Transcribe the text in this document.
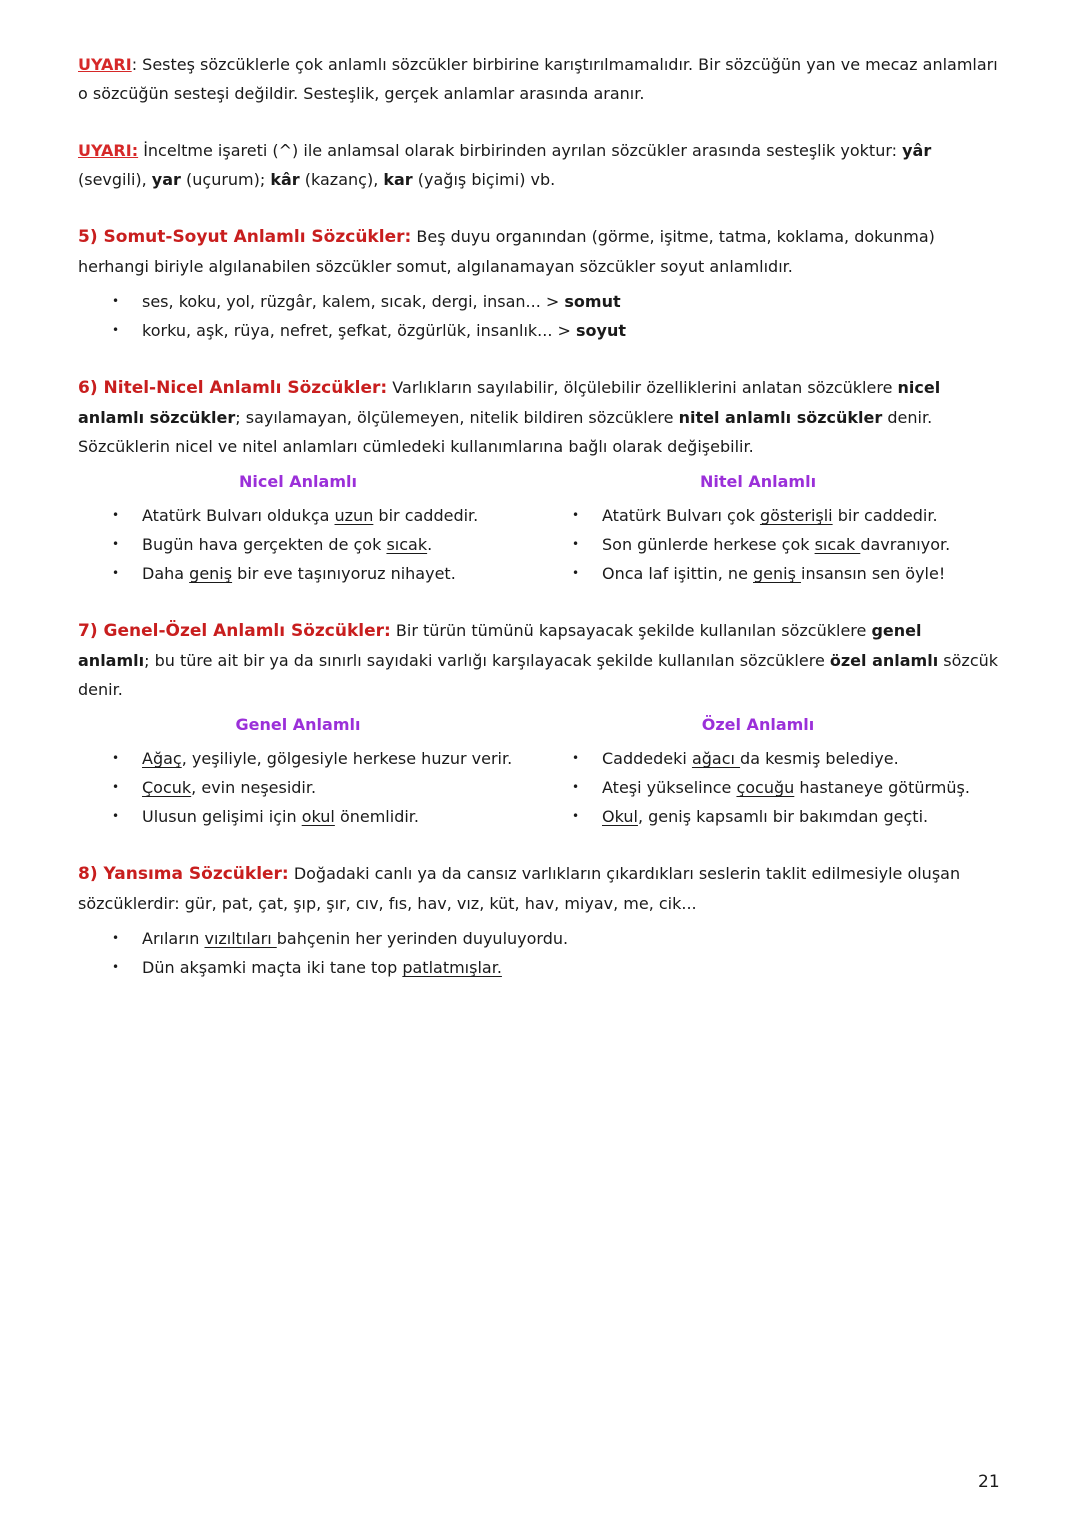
UYARI: Sesteş sözcüklerle çok anlamlı sözcükler birbirine karıştırılmamalıdır. Bir sözcüğün yan ve mecaz anlamları o sözcüğün sesteşi değildir. Sesteşlik, gerçek anlamlar arasında aranır.

UYARI: İnceltme işareti (^) ile anlamsal olarak birbirinden ayrılan sözcükler arasında sesteşlik yoktur: yâr (sevgili), yar (uçurum); kâr (kazanç), kar (yağış biçimi) vb.

5) Somut-Soyut Anlamlı Sözcükler: Beş duyu organından (görme, işitme, tatma, koklama, dokunma) herhangi biriyle algılanabilen sözcükler somut, algılanamayan sözcükler soyut anlamlıdır.

• ses, koku, yol, rüzgâr, kalem, sıcak, dergi, insan... > somut
• korku, aşk, rüya, nefret, şefkat, özgürlük, insanlık... > soyut

6) Nitel-Nicel Anlamlı Sözcükler: Varlıkların sayılabilir, ölçülebilir özelliklerini anlatan sözcüklere nicel anlamlı sözcükler; sayılamayan, ölçülemeyen, nitelik bildiren sözcüklere nitel anlamlı sözcükler denir. Sözcüklerin nicel ve nitel anlamları cümledeki kullanımlarına bağlı olarak değişebilir.

Nicel Anlamlı
• Atatürk Bulvarı oldukça uzun bir caddedir.
• Bugün hava gerçekten de çok sıcak.
• Daha geniş bir eve taşınıyoruz nihayet.
Nitel Anlamlı
• Atatürk Bulvarı çok gösterişli bir caddedir.
• Son günlerde herkese çok sıcak davranıyor.
• Onca laf işittin, ne geniş insansın sen öyle!

7) Genel-Özel Anlamlı Sözcükler: Bir türün tümünü kapsayacak şekilde kullanılan sözcüklere genel anlamlı; bu türe ait bir ya da sınırlı sayıdaki varlığı karşılayacak şekilde kullanılan sözcüklere özel anlamlı sözcük denir.

Genel Anlamlı
• Ağaç, yeşiliyle, gölgesiyle herkese huzur verir.
• Çocuk, evin neşesidir.
• Ulusun gelişimi için okul önemlidir.
Özel Anlamlı
• Caddedeki ağacı da kesmiş belediye.
• Ateşi yükselince çocuğu hastaneye götürmüş.
• Okul, geniş kapsamlı bir bakımdan geçti.

8) Yansıma Sözcükler: Doğadaki canlı ya da cansız varlıkların çıkardıkları seslerin taklit edilmesiyle oluşan sözcüklerdir: gür, pat, çat, şıp, şır, cıv, fıs, hav, vız, küt, hav, miyav, me, cik...

• Arıların vızıltıları bahçenin her yerinden duyuluyordu.
• Dün akşamki maçta iki tane top patlatmışlar.
21
